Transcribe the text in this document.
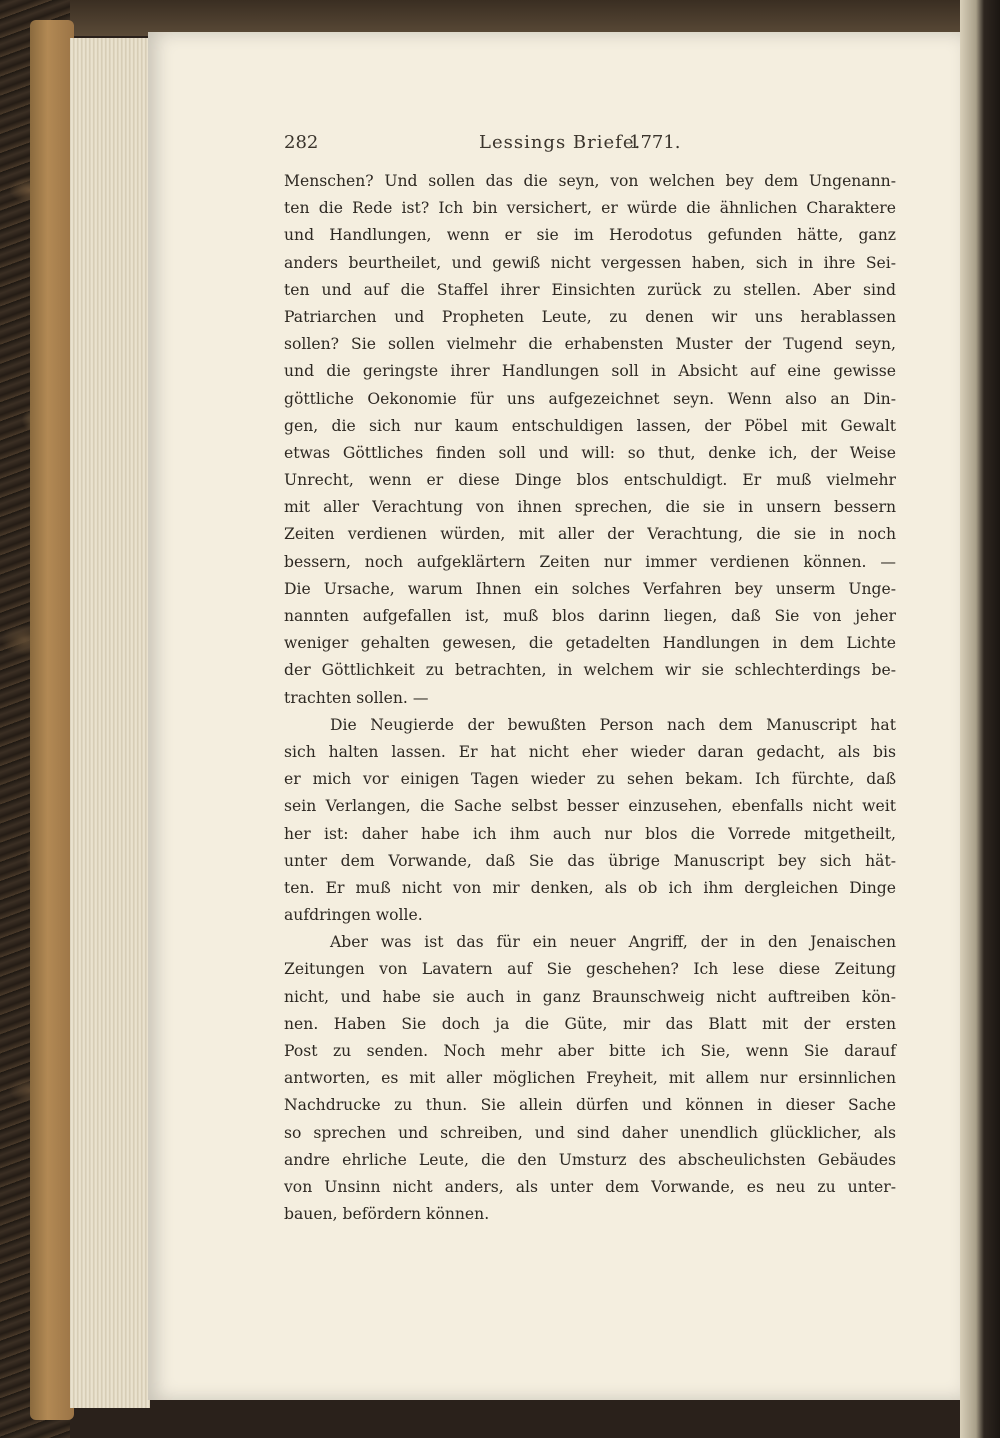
282	Lessings Briefe.
1771.
Menschen? Und sollen das die seyn, von welchen bey dem Ungenann-
ten die Rede ist? Ich bin versichert, er würde die ähnlichen Charaktere
und Handlungen, wenn er sie im Herodotus gefunden hätte, ganz
anders beurtheilet, und gewiß nicht vergessen haben, sich in ihre Sei-
ten und auf die Staffel ihrer Einsichten zurück zu stellen. Aber sind
Patriarchen und Propheten Leute, zu denen wir uns herablassen
sollen? Sie sollen vielmehr die erhabensten Muster der Tugend seyn,
und die geringste ihrer Handlungen soll in Absicht auf eine gewisse
göttliche Oekonomie für uns aufgezeichnet seyn. Wenn also an Din-
gen, die sich nur kaum entschuldigen lassen, der Pöbel mit Gewalt
etwas Göttliches finden soll und will: so thut, denke ich, der Weise
Unrecht, wenn er diese Dinge blos entschuldigt. Er muß vielmehr
mit aller Verachtung von ihnen sprechen, die sie in unsern bessern
Zeiten verdienen würden, mit aller der Verachtung, die sie in noch
bessern, noch aufgeklärtern Zeiten nur immer verdienen können. —
Die Ursache, warum Ihnen ein solches Verfahren bey unserm Unge-
nannten aufgefallen ist, muß blos darinn liegen, daß Sie von jeher
weniger gehalten gewesen, die getadelten Handlungen in dem Lichte
der Göttlichkeit zu betrachten, in welchem wir sie schlechterdings be-
trachten sollen. —
Die Neugierde der bewußten Person nach dem Manuscript hat
sich halten lassen. Er hat nicht eher wieder daran gedacht, als bis
er mich vor einigen Tagen wieder zu sehen bekam. Ich fürchte, daß
sein Verlangen, die Sache selbst besser einzusehen, ebenfalls nicht weit
her ist: daher habe ich ihm auch nur blos die Vorrede mitgetheilt,
unter dem Vorwande, daß Sie das übrige Manuscript bey sich hät-
ten. Er muß nicht von mir denken, als ob ich ihm dergleichen Dinge
aufdringen wolle.
Aber was ist das für ein neuer Angriff, der in den Jenaischen
Zeitungen von Lavatern auf Sie geschehen? Ich lese diese Zeitung
nicht, und habe sie auch in ganz Braunschweig nicht auftreiben kön-
nen. Haben Sie doch ja die Güte, mir das Blatt mit der ersten
Post zu senden. Noch mehr aber bitte ich Sie, wenn Sie darauf
antworten, es mit aller möglichen Freyheit, mit allem nur ersinnlichen
Nachdrucke zu thun. Sie allein dürfen und können in dieser Sache
so sprechen und schreiben, und sind daher unendlich glücklicher, als
andre ehrliche Leute, die den Umsturz des abscheulichsten Gebäudes
von Unsinn nicht anders, als unter dem Vorwande, es neu zu unter-
bauen, befördern können.
